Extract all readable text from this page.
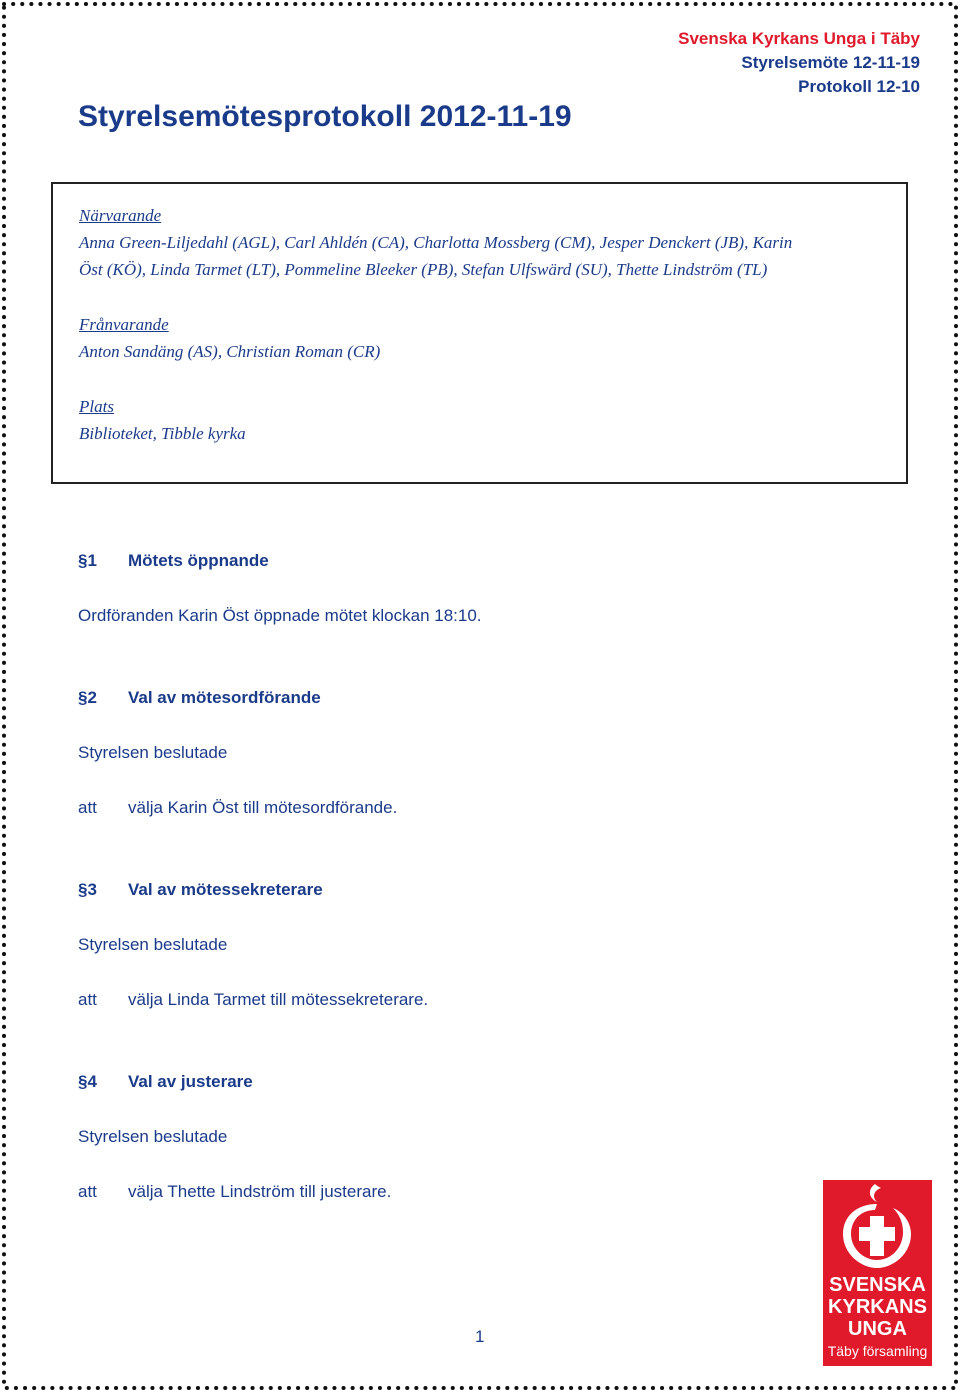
Svenska Kyrkans Unga i Täby
Styrelsemöte 12-11-19
Protokoll 12-10
Styrelsemötesprotokoll 2012-11-19
Närvarande
Anna Green-Liljedahl (AGL), Carl Ahldén (CA), Charlotta Mossberg (CM), Jesper Denckert (JB), Karin
Öst (KÖ), Linda Tarmet (LT), Pommeline Bleeker (PB), Stefan Ulfswärd (SU), Thette Lindström (TL)
Frånvarande
Anton Sandäng (AS), Christian Roman (CR)
Plats
Biblioteket, Tibble kyrka
§1 Mötets öppnande
Ordföranden Karin Öst öppnade mötet klockan 18:10.
§2 Val av mötesordförande
Styrelsen beslutade
att välja Karin Öst till mötesordförande.
§3 Val av mötessekreterare
Styrelsen beslutade
att välja Linda Tarmet till mötessekreterare.
§4 Val av justerare
Styrelsen beslutade
att välja Thette Lindström till justerare.
1
SVENSKA
KYRKANS
UNGA
Täby församling
